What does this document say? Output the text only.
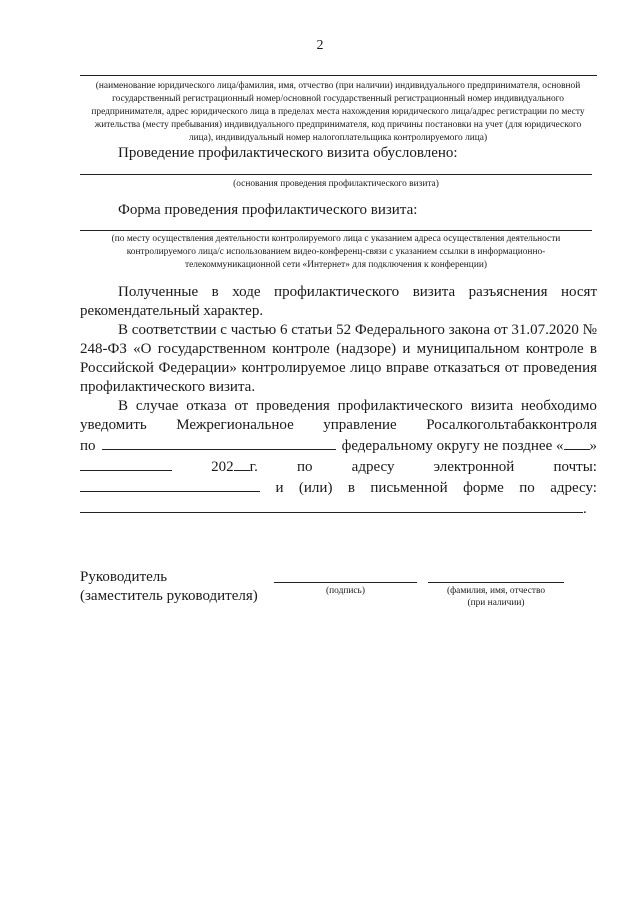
2
(наименование юридического лица/фамилия, имя, отчество (при наличии) индивидуального предпринимателя, основной государственный регистрационный номер/основной государственный регистрационный номер индивидуального предпринимателя, адрес юридического лица в пределах места нахождения юридического лица/адрес регистрации по месту жительства (месту пребывания) индивидуального предпринимателя, код причины постановки на учет (для юридического лица), индивидуальный номер налогоплательщика контролируемого лица)
Проведение профилактического визита обусловлено:
(основания проведения профилактического визита)
Форма проведения профилактического визита:
(по месту осуществления деятельности контролируемого лица с указанием адреса осуществления деятельности контролируемого лица/с использованием видео-конференц-связи с указанием ссылки в информационно-телекоммуникационной сети «Интернет» для подключения к конференции)

Полученные в ходе профилактического визита разъяснения носят рекомендательный характер.

В соответствии с частью 6 статьи 52 Федерального закона от 31.07.2020 № 248-ФЗ «О государственном контроле (надзоре) и муниципальном контроле в Российской Федерации» контролируемое лицо вправе отказаться от проведения профилактического визита.

В случае отказа от проведения профилактического визита необходимо
уведомить Межрегиональное управление Росалкогольтабакконтроля
по	федеральному округу не позднее « »
202 г.	по	адресу	электронной	почты:
и (или) в письменной форме по адресу:
.
Руководитель
(заместитель руководителя)	(подпись)	(фамилия, имя, отчество
(при наличии)
